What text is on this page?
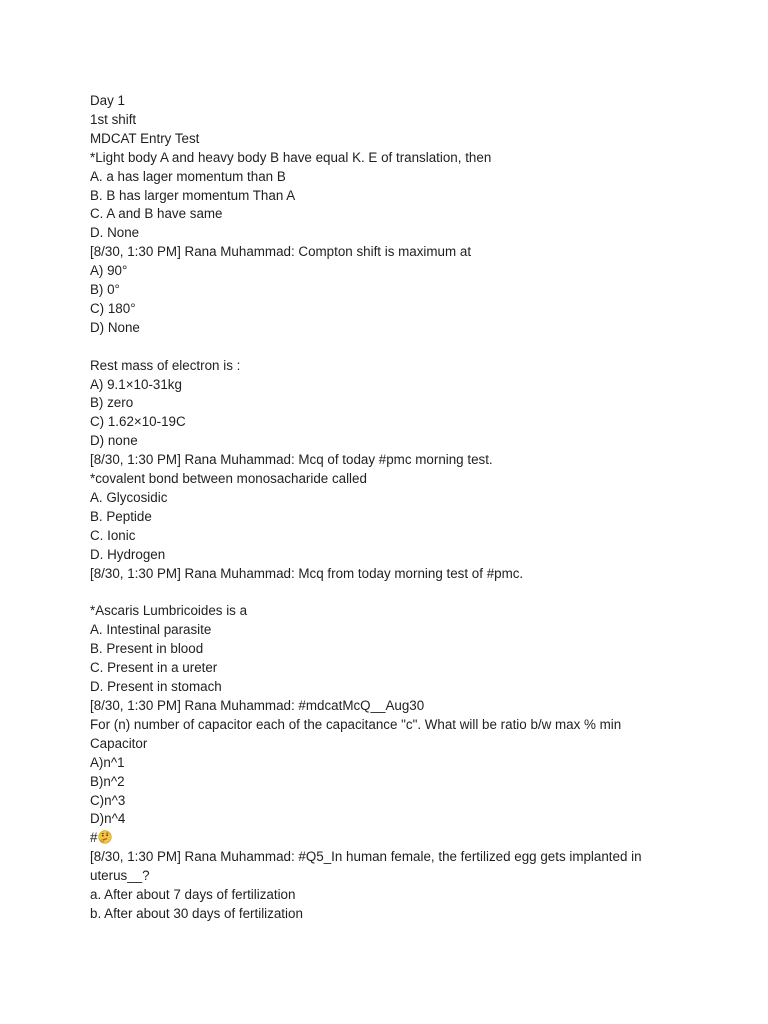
Day 1
1st shift
MDCAT Entry Test
*Light body A and heavy body B have equal K. E of translation, then
A. a has lager momentum than B
B. B has larger momentum Than A
C. A and B have same
D. None
[8/30, 1:30 PM] Rana Muhammad: Compton shift is maximum at
A) 90°
B) 0°
C) 180°
D) None
Rest mass of electron is :
A) 9.1×10-31kg
B) zero
C) 1.62×10-19C
D) none
[8/30, 1:30 PM] Rana Muhammad: Mcq of today #pmc morning test.
*covalent bond between monosacharide called
A. Glycosidic
B. Peptide
C. Ionic
D. Hydrogen
[8/30, 1:30 PM] Rana Muhammad: Mcq from today morning test of #pmc.
*Ascaris Lumbricoides is a
A. Intestinal parasite
B. Present in blood
C. Present in a ureter
D. Present in stomach
[8/30, 1:30 PM] Rana Muhammad: #mdcatMcQ__Aug30
For (n) number of capacitor each of the capacitance "c". What will be ratio b/w max % min
Capacitor
A)n^1
B)n^2
C)n^3
D)n^4
#
[8/30, 1:30 PM] Rana Muhammad: #Q5_In human female, the fertilized egg gets implanted in
uterus__?
a. After about 7 days of fertilization
b. After about 30 days of fertilization
